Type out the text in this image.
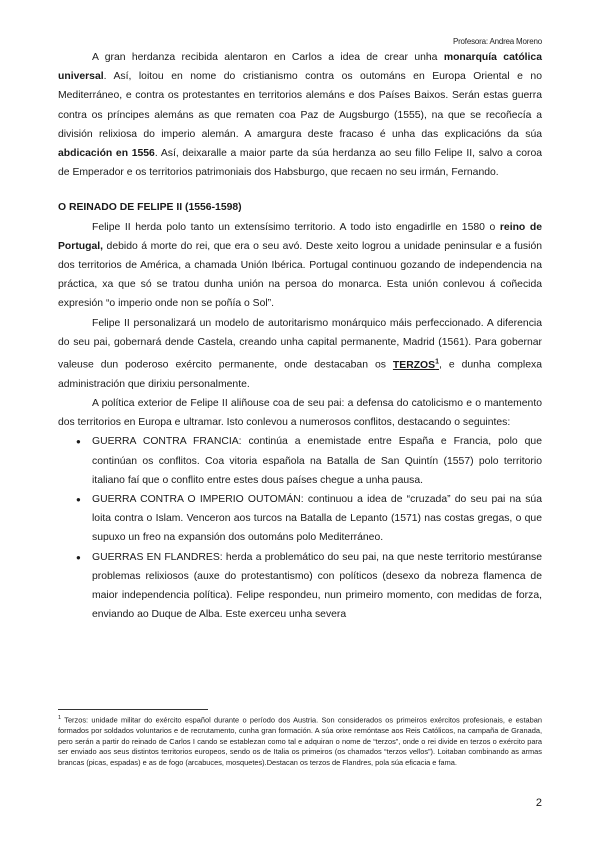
Profesora: Andrea Moreno

A gran herdanza recibida alentaron en Carlos a idea de crear unha monarquía católica universal. Así, loitou en nome do cristianismo contra os outománs en Europa Oriental e no Mediterráneo, e contra os protestantes en territorios alemáns e dos Países Baixos. Serán estas guerra contra os príncipes alemáns as que rematen coa Paz de Augsburgo (1555), na que se recoñecía a división relixiosa do imperio alemán. A amargura deste fracaso é unha das explicacións da súa abdicación en 1556. Así, deixaralle a maior parte da súa herdanza ao seu fillo Felipe II, salvo a coroa de Emperador e os territorios patrimoniais dos Habsburgo, que recaen no seu irmán, Fernando.

O REINADO DE FELIPE II (1556-1598)

Felipe II herda polo tanto un extensísimo territorio. A todo isto engadirlle en 1580 o reino de Portugal, debido á morte do rei, que era o seu avó. Deste xeito logrou a unidade peninsular e a fusión dos territorios de América, a chamada Unión Ibérica. Portugal continuou gozando de independencia na práctica, xa que só se tratou dunha unión na persoa do monarca. Esta unión conlevou á coñecida expresión “o imperio onde non se poñía o Sol”.

Felipe II personalizará un modelo de autoritarismo monárquico máis perfeccionado. A diferencia do seu pai, gobernará dende Castela, creando unha capital permanente, Madrid (1561). Para gobernar valeuse dun poderoso exército permanente, onde destacaban os TERZOS$^1$, e dunha complexa administración que dirixiu personalmente.

A política exterior de Felipe II aliñouse coa de seu pai: a defensa do catolicismo e o mantemento dos territorios en Europa e ultramar. Isto conlevou a numerosos conflitos, destacando o seguintes:

● GUERRA CONTRA FRANCIA: continúa a enemistade entre España e Francia, polo que continúan os conflitos. Coa vitoria española na Batalla de San Quintín (1557) polo territorio italiano faí que o conflito entre estes dous países chegue a unha pausa.
● GUERRA CONTRA O IMPERIO OUTOMÁN: continuou a idea de “cruzada” do seu pai na súa loita contra o Islam. Venceron aos turcos na Batalla de Lepanto (1571) nas costas gregas, o que supuxo un freo na expansión dos outománs polo Mediterráneo.
● GUERRAS EN FLANDRES: herda a problemático do seu pai, na que neste territorio mestúranse problemas relixiosos (auxe do protestantismo) con políticos (desexo da nobreza flamenca de maior independencia política). Felipe respondeu, nun primeiro momento, con medidas de forza, enviando ao Duque de Alba. Este exerceu unha severa
$^1$ Terzos: unidade militar do exército español durante o período dos Austria. Son considerados os primeiros exércitos profesionais, e estaban formados por soldados voluntarios e de recrutamento, cunha gran formación. A súa orixe remóntase aos Reis Católicos, na campaña de Granada, pero serán a partir do reinado de Carlos I cando se establezan como tal e adquiran o nome de “terzos”, onde o rei divide en terzos o exército para ser enviado aos seus distintos territorios europeos, sendo os de Italia os primeiros (os chamados “terzos vellos”). Loitaban combinando as armas brancas (picas, espadas) e as de fogo (arcabuces, mosquetes).Destacan os terzos de Flandres, pola súa eficacia e fama.
2
